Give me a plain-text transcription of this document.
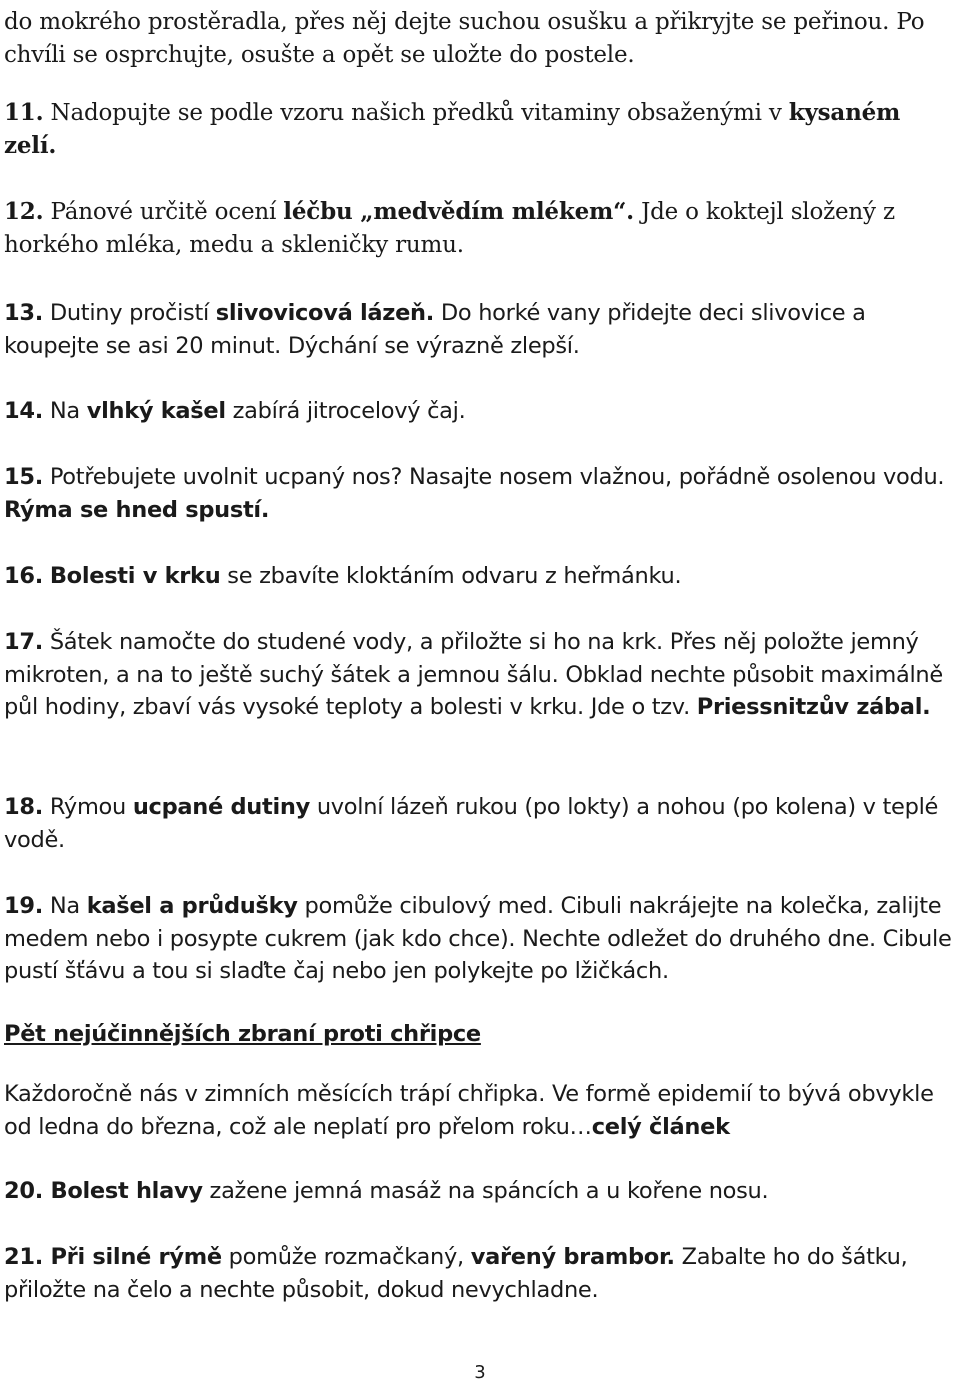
do mokrého prostěradla, přes něj dejte suchou osušku a přikryjte se peřinou. Po chvíli se osprchujte, osušte a opět se uložte do postele.

11. Nadopujte se podle vzoru našich předků vitaminy obsaženými v kysaném zelí.

12. Pánové určitě ocení léčbu „medvědím mlékem“. Jde o koktejl složený z horkého mléka, medu a skleničky rumu.

13. Dutiny pročistí slivovicová lázeň. Do horké vany přidejte deci slivovice a koupejte se asi 20 minut. Dýchání se výrazně zlepší.

14. Na vlhký kašel zabírá jitrocelový čaj.

15. Potřebujete uvolnit ucpaný nos? Nasajte nosem vlažnou, pořádně osolenou vodu. Rýma se hned spustí.

16. Bolesti v krku se zbavíte kloktáním odvaru z heřmánku.

17. Šátek namočte do studené vody, a přiložte si ho na krk. Přes něj položte jemný mikroten, a na to ještě suchý šátek a jemnou šálu. Obklad nechte působit maximálně půl hodiny, zbaví vás vysoké teploty a bolesti v krku. Jde o tzv. Priessnitzův zábal.

18. Rýmou ucpané dutiny uvolní lázeň rukou (po lokty) a nohou (po kolena) v teplé vodě.

19. Na kašel a průdušky pomůže cibulový med. Cibuli nakrájejte na kolečka, zalijte medem nebo i posypte cukrem (jak kdo chce). Nechte odležet do druhého dne. Cibule pustí šťávu a tou si slaďte čaj nebo jen polykejte po lžičkách.

Pět nejúčinnějších zbraní proti chřipce

Každoročně nás v zimních měsících trápí chřipka. Ve formě epidemií to bývá obvykle od ledna do března, což ale neplatí pro přelom roku…celý článek

20. Bolest hlavy zažene jemná masáž na spáncích a u kořene nosu.

21. Při silné rýmě pomůže rozmačkaný, vařený brambor. Zabalte ho do šátku, přiložte na čelo a nechte působit, dokud nevychladne.

3
